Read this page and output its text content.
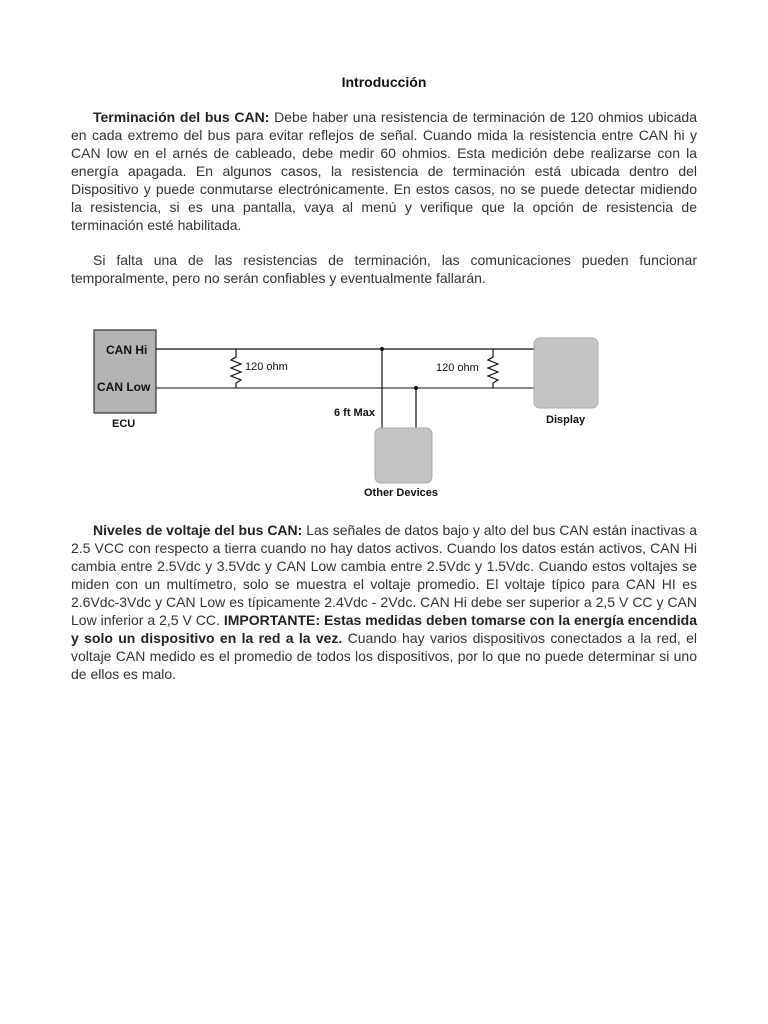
Introducción
Terminación del bus CAN: Debe haber una resistencia de terminación de 120 ohmios ubicada en cada extremo del bus para evitar reflejos de señal. Cuando mida la resistencia entre CAN hi y CAN low en el arnés de cableado, debe medir 60 ohmios. Esta medición debe realizarse con la energía apagada. En algunos casos, la resistencia de terminación está ubicada dentro del Dispositivo y puede conmutarse electrónicamente. En estos casos, no se puede detectar midiendo la resistencia, si es una pantalla, vaya al menú y verifique que la opción de resistencia de terminación esté habilitada.
Si falta una de las resistencias de terminación, las comunicaciones pueden funcionar temporalmente, pero no serán confiables y eventualmente fallarán.
CAN Hi
CAN Low
ECU
120 ohm	120 ohm
6 ft Max
Display
Other Devices
Niveles de voltaje del bus CAN: Las señales de datos bajo y alto del bus CAN están inactivas a 2.5 VCC con respecto a tierra cuando no hay datos activos. Cuando los datos están activos, CAN Hi cambia entre 2.5Vdc y 3.5Vdc y CAN Low cambia entre 2.5Vdc y 1.5Vdc. Cuando estos voltajes se miden con un multímetro, solo se muestra el voltaje promedio. El voltaje típico para CAN HI es 2.6Vdc-3Vdc y CAN Low es típicamente 2.4Vdc - 2Vdc. CAN Hi debe ser superior a 2,5 V CC y CAN Low inferior a 2,5 V CC. IMPORTANTE: Estas medidas deben tomarse con la energía encendida y solo un dispositivo en la red a la vez. Cuando hay varios dispositivos conectados a la red, el voltaje CAN medido es el promedio de todos los dispositivos, por lo que no puede determinar si uno de ellos es malo.
